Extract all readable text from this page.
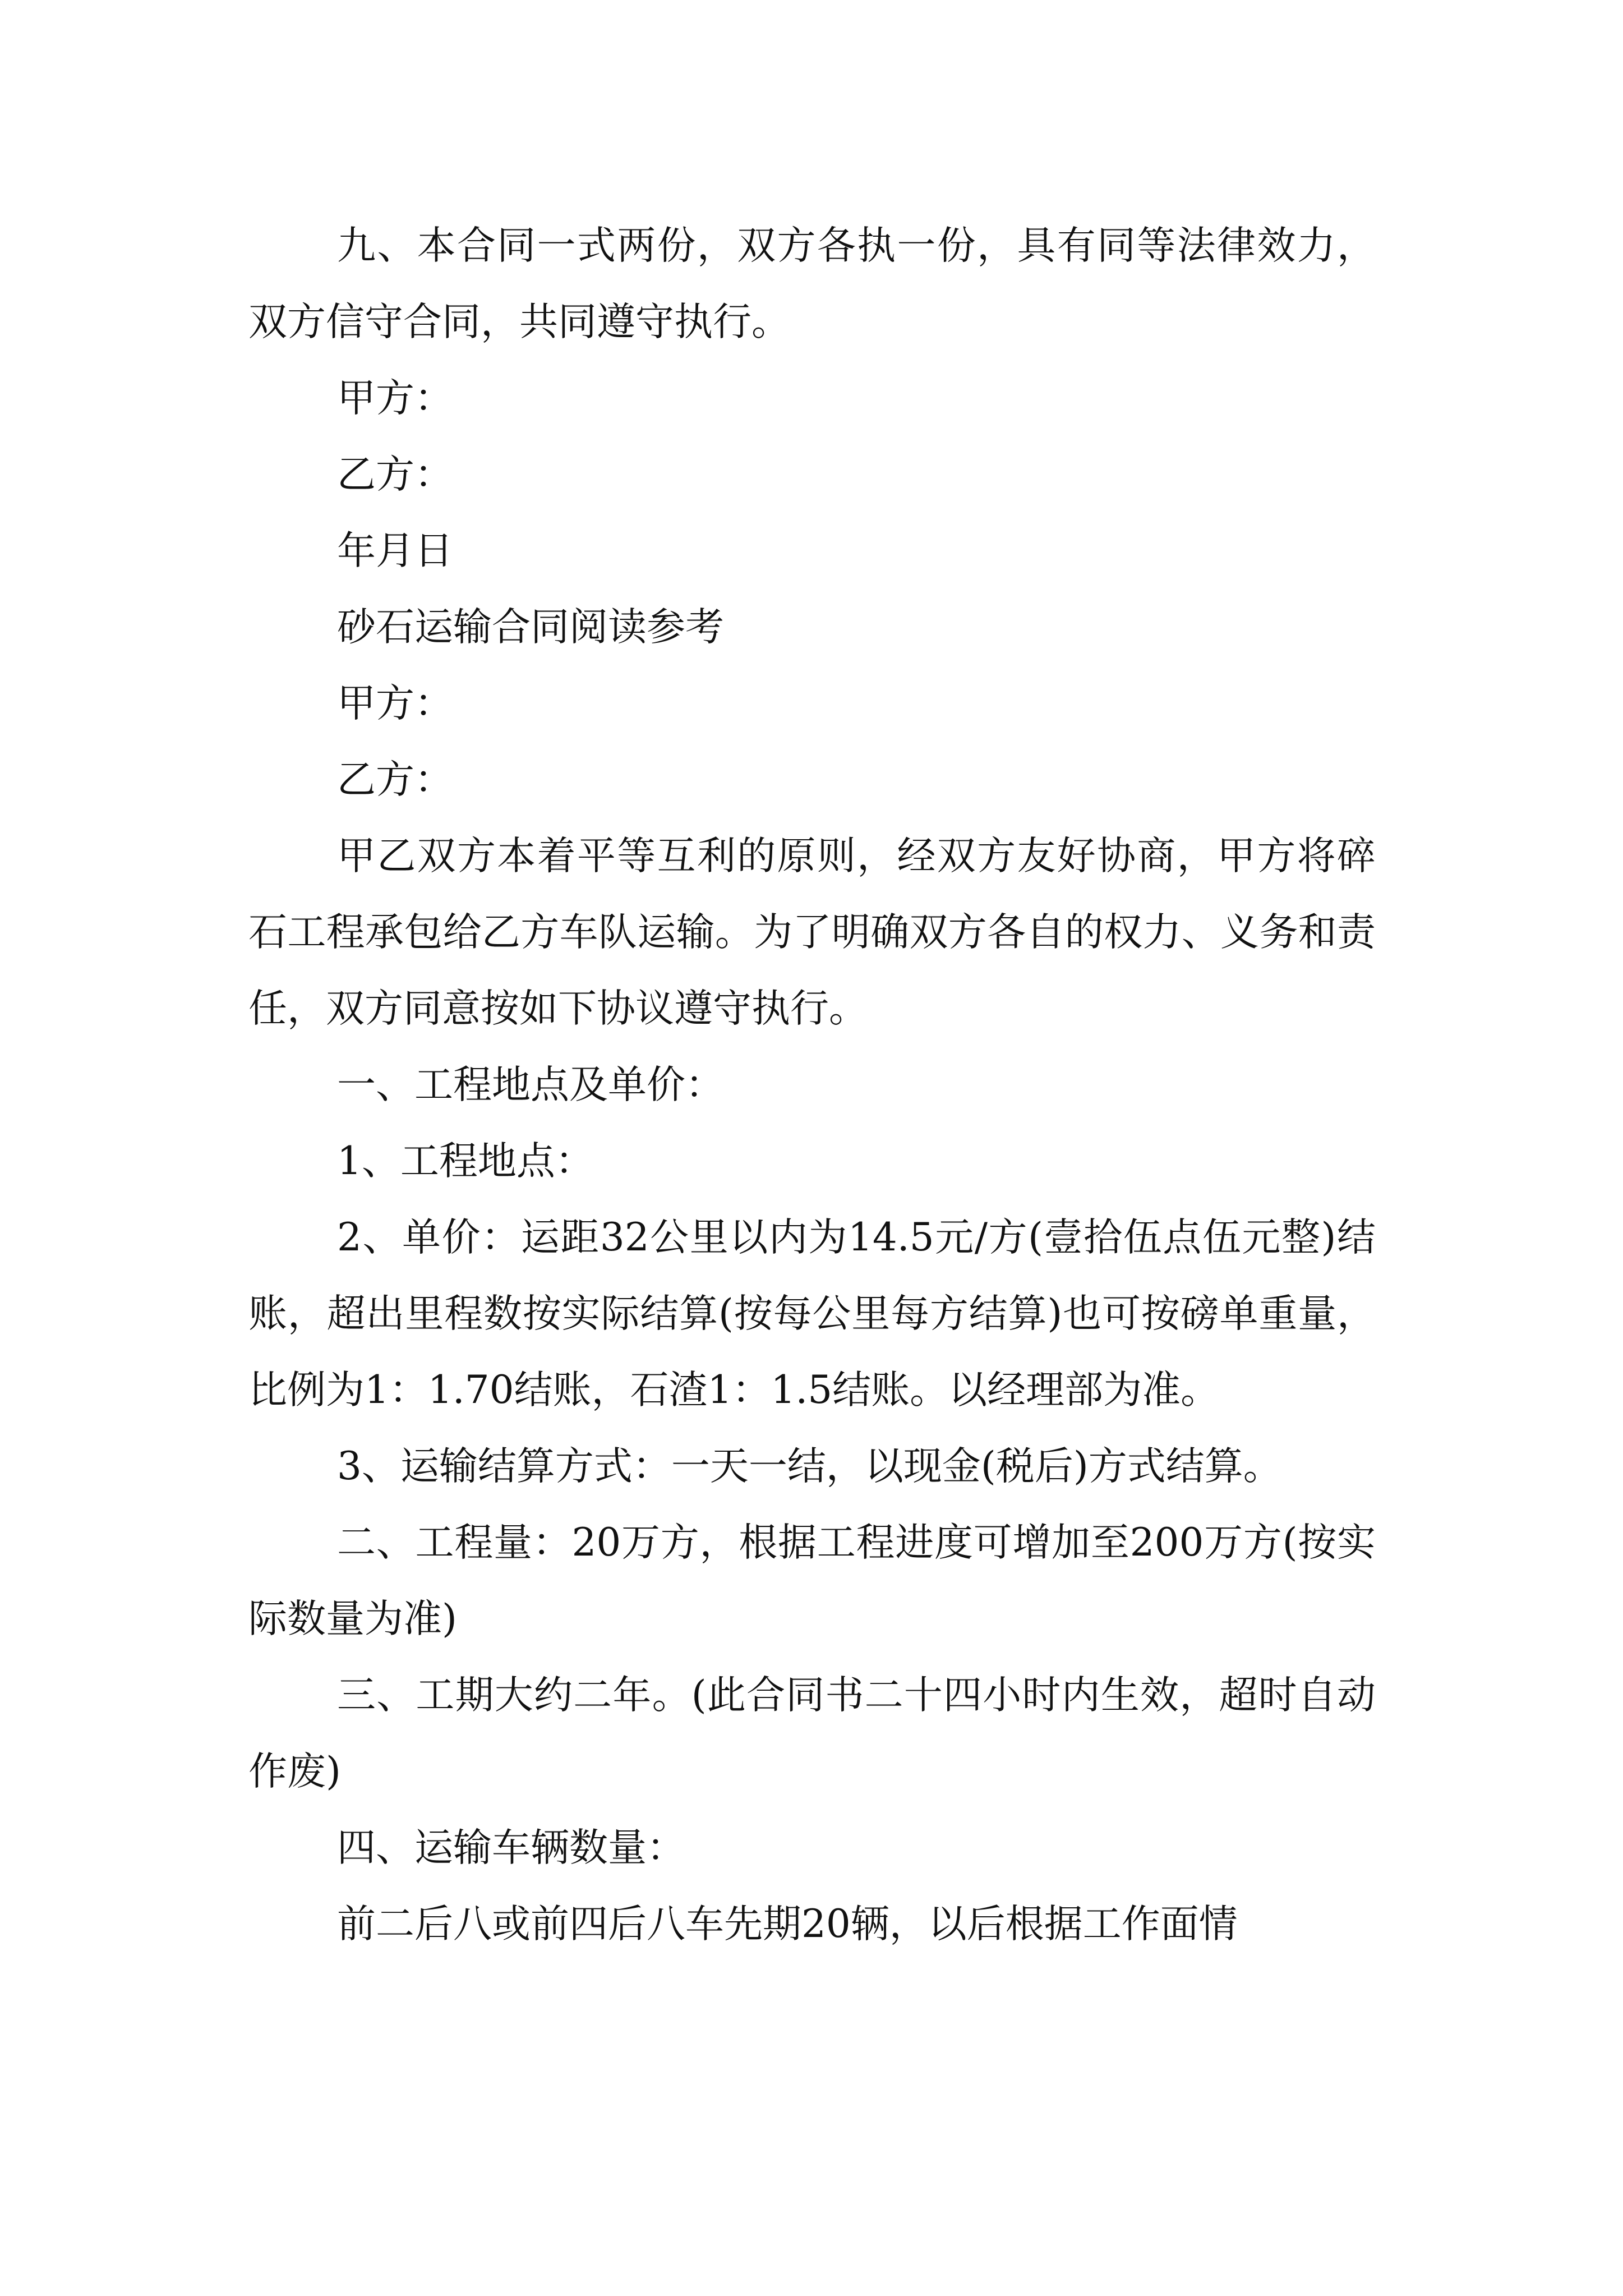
九、本合同一式两份，双方各执一份，具有同等法律效力，双方信守合同，共同遵守执行。

甲方：

乙方：

年月日

砂石运输合同阅读参考

甲方：

乙方：

甲乙双方本着平等互利的原则，经双方友好协商，甲方将碎石工程承包给乙方车队运输。为了明确双方各自的权力、义务和责任，双方同意按如下协议遵守执行。

一、工程地点及单价：

1、工程地点：

2、单价：运距32公里以内为14.5元/方(壹拾伍点伍元整)结账，超出里程数按实际结算(按每公里每方结算)也可按磅单重量，比例为1：1.70结账，石渣1：1.5结账。以经理部为准。

3、运输结算方式：一天一结，以现金(税后)方式结算。

二、工程量：20万方，根据工程进度可增加至200万方(按实际数量为准)

三、工期大约二年。(此合同书二十四小时内生效，超时自动作废)

四、运输车辆数量：

前二后八或前四后八车先期20辆，以后根据工作面情
